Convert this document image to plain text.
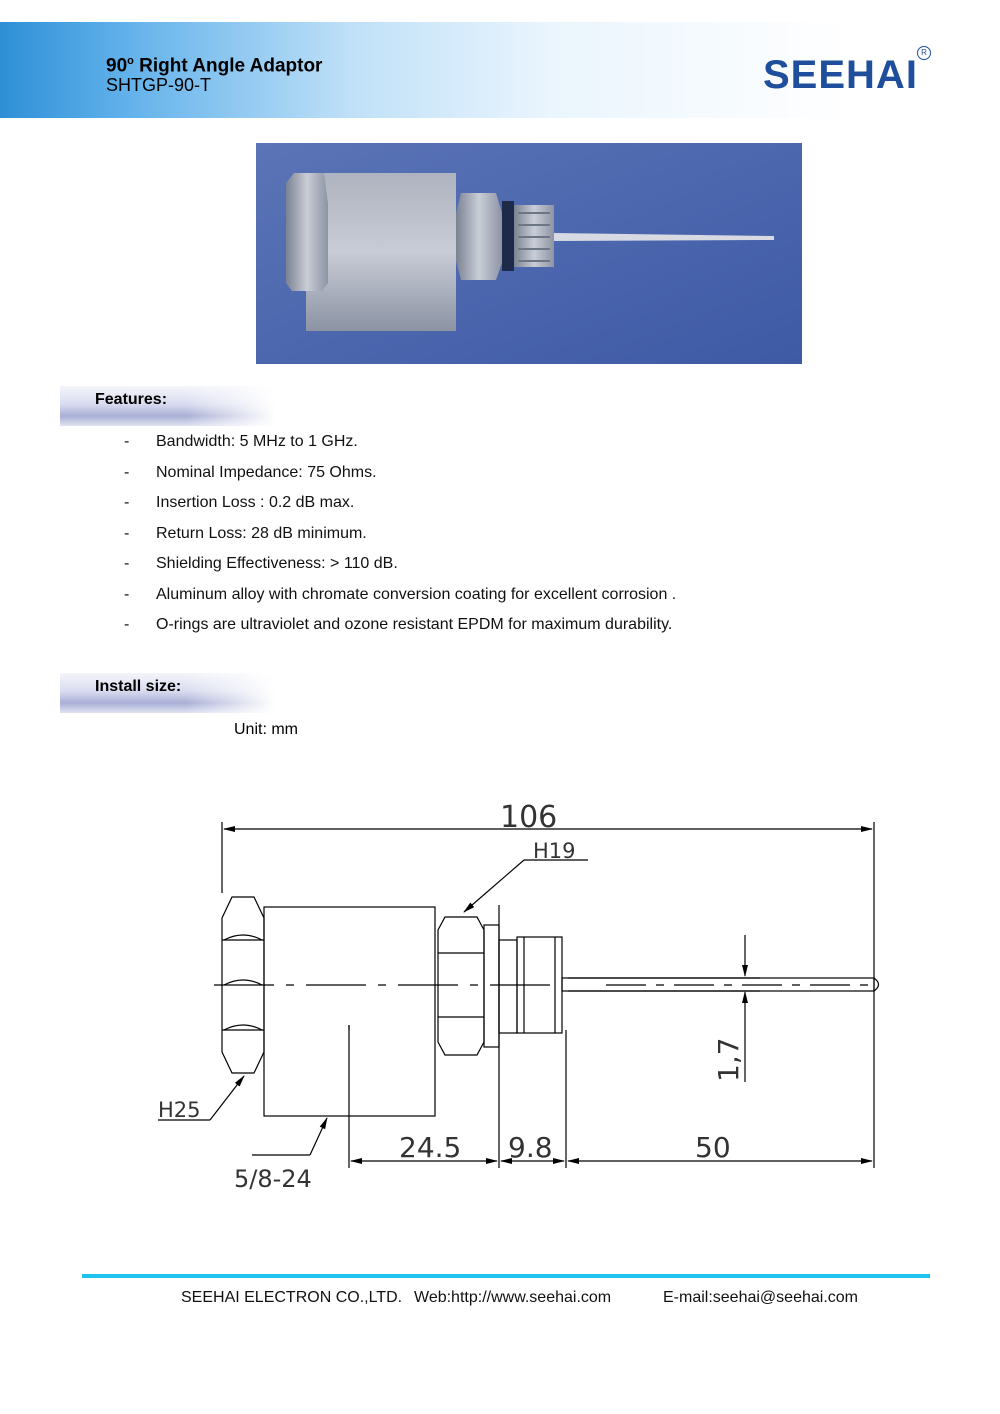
90$^o$ Right Angle Adaptor
SHTGP-90-T	SEEHAI
R
Features:
- Bandwidth: 5 MHz to 1 GHz.
- Nominal Impedance: 75 Ohms.
- Insertion Loss : 0.2 dB max.
- Return Loss: 28 dB minimum.
- Shielding Effectiveness: > 110 dB.
- Aluminum alloy with chromate conversion coating for excellent corrosion .
- O-rings are ultraviolet and ozone resistant EPDM for maximum durability.
Install size:
Unit: mm
106
H19
H25
5/8-24
24.5 9.8	50
1,7
SEEHAI ELECTRON CO.,LTD. Web:http://www.seehai.com	E-mail:seehai@seehai.com
